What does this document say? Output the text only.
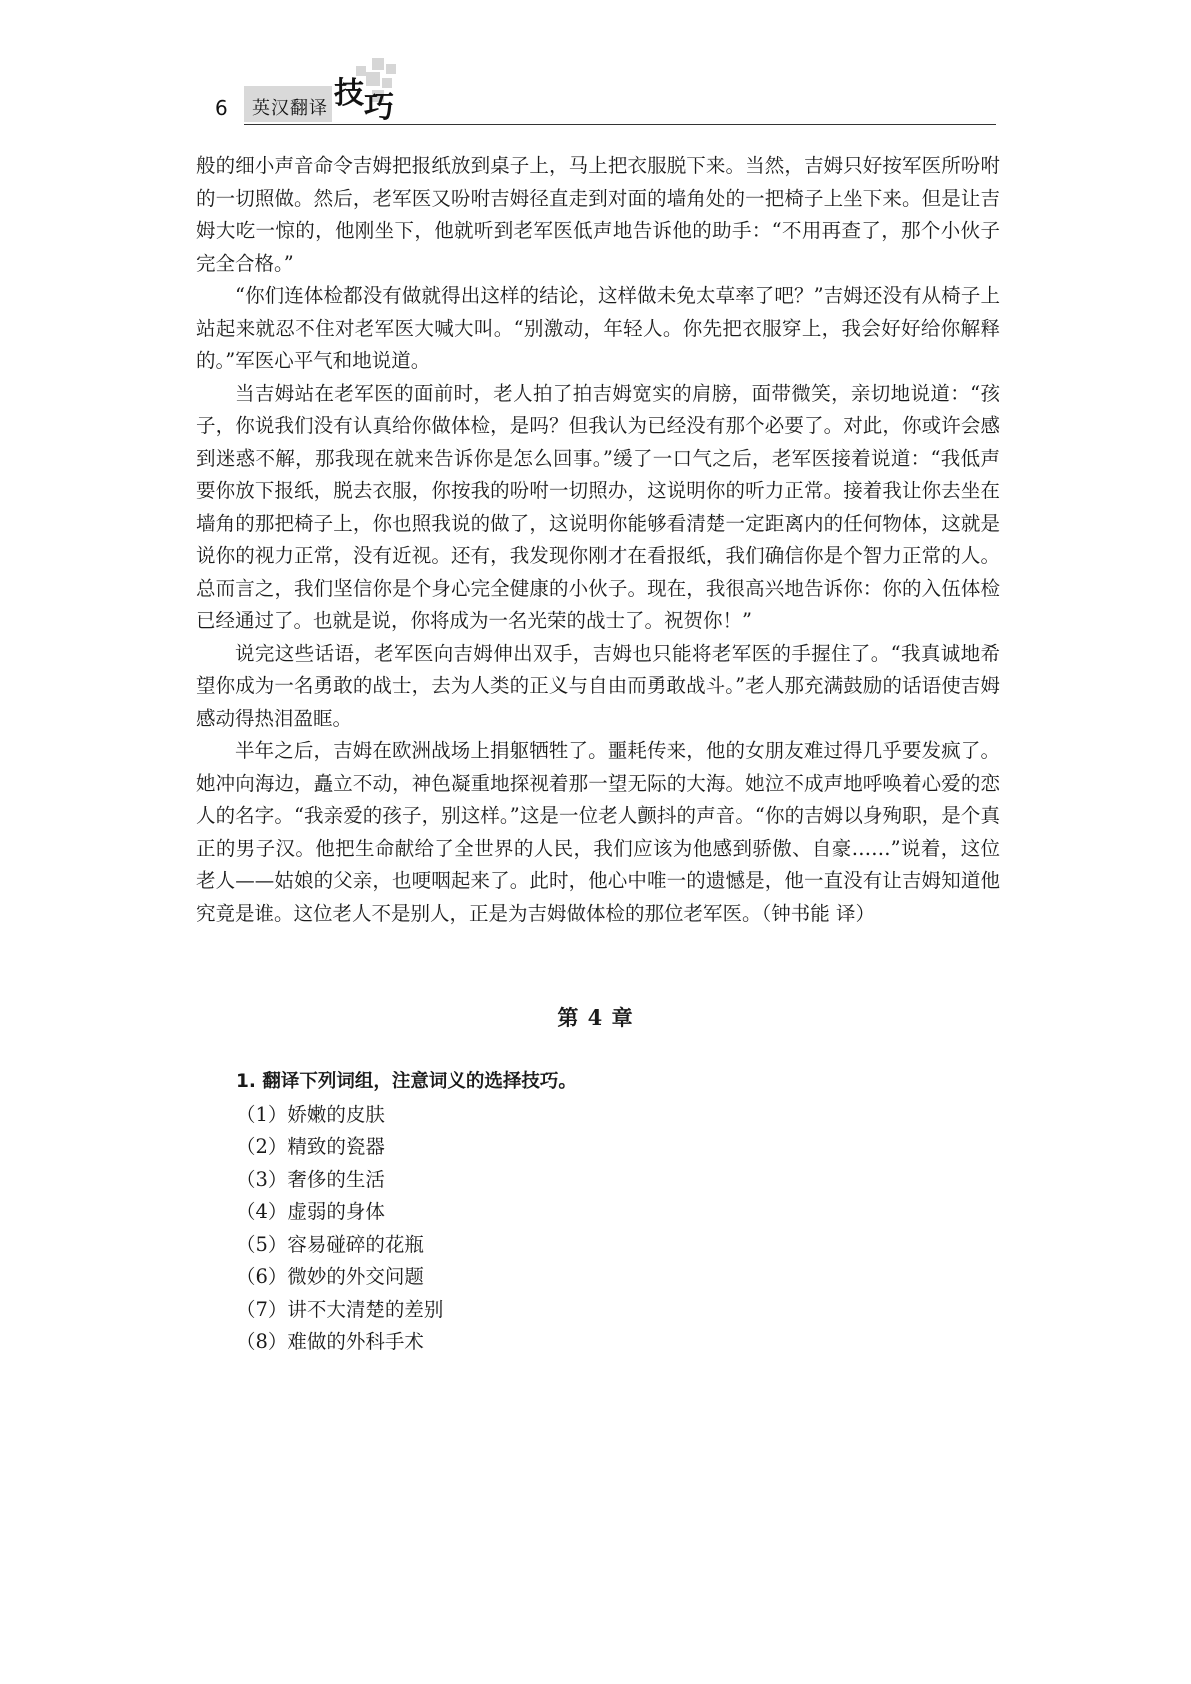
6 英汉翻译 技巧

般的细小声音命令吉姆把报纸放到桌子上，马上把衣服脱下来。当然，吉姆只好按军医所吩咐的一切照做。然后，老军医又吩咐吉姆径直走到对面的墙角处的一把椅子上坐下来。但是让吉姆大吃一惊的，他刚坐下，他就听到老军医低声地告诉他的助手：“不用再查了，那个小伙子完全合格。”

“你们连体检都没有做就得出这样的结论，这样做未免太草率了吧？”吉姆还没有从椅子上站起来就忍不住对老军医大喊大叫。“别激动，年轻人。你先把衣服穿上，我会好好给你解释的。”军医心平气和地说道。

当吉姆站在老军医的面前时，老人拍了拍吉姆宽实的肩膀，面带微笑，亲切地说道：“孩子，你说我们没有认真给你做体检，是吗？但我认为已经没有那个必要了。对此，你或许会感到迷惑不解，那我现在就来告诉你是怎么回事。”缓了一口气之后，老军医接着说道：“我低声要你放下报纸，脱去衣服，你按我的吩咐一切照办，这说明你的听力正常。接着我让你去坐在墙角的那把椅子上，你也照我说的做了，这说明你能够看清楚一定距离内的任何物体，这就是说你的视力正常，没有近视。还有，我发现你刚才在看报纸，我们确信你是个智力正常的人。总而言之，我们坚信你是个身心完全健康的小伙子。现在，我很高兴地告诉你：你的入伍体检已经通过了。也就是说，你将成为一名光荣的战士了。祝贺你！”

说完这些话语，老军医向吉姆伸出双手，吉姆也只能将老军医的手握住了。“我真诚地希望你成为一名勇敢的战士，去为人类的正义与自由而勇敢战斗。”老人那充满鼓励的话语使吉姆感动得热泪盈眶。

半年之后，吉姆在欧洲战场上捐躯牺牲了。噩耗传来，他的女朋友难过得几乎要发疯了。她冲向海边，矗立不动，神色凝重地探视着那一望无际的大海。她泣不成声地呼唤着心爱的恋人的名字。“我亲爱的孩子，别这样。”这是一位老人颤抖的声音。“你的吉姆以身殉职，是个真正的男子汉。他把生命献给了全世界的人民，我们应该为他感到骄傲、自豪……”说着，这位老人——姑娘的父亲，也哽咽起来了。此时，他心中唯一的遗憾是，他一直没有让吉姆知道他究竟是谁。这位老人不是别人，正是为吉姆做体检的那位老军医。（钟书能 译）

第 4 章
1. 翻译下列词组，注意词义的选择技巧。
（1）娇嫩的皮肤
（2）精致的瓷器
（3）奢侈的生活
（4）虚弱的身体
（5）容易碰碎的花瓶
（6）微妙的外交问题
（7）讲不大清楚的差别
（8）难做的外科手术
